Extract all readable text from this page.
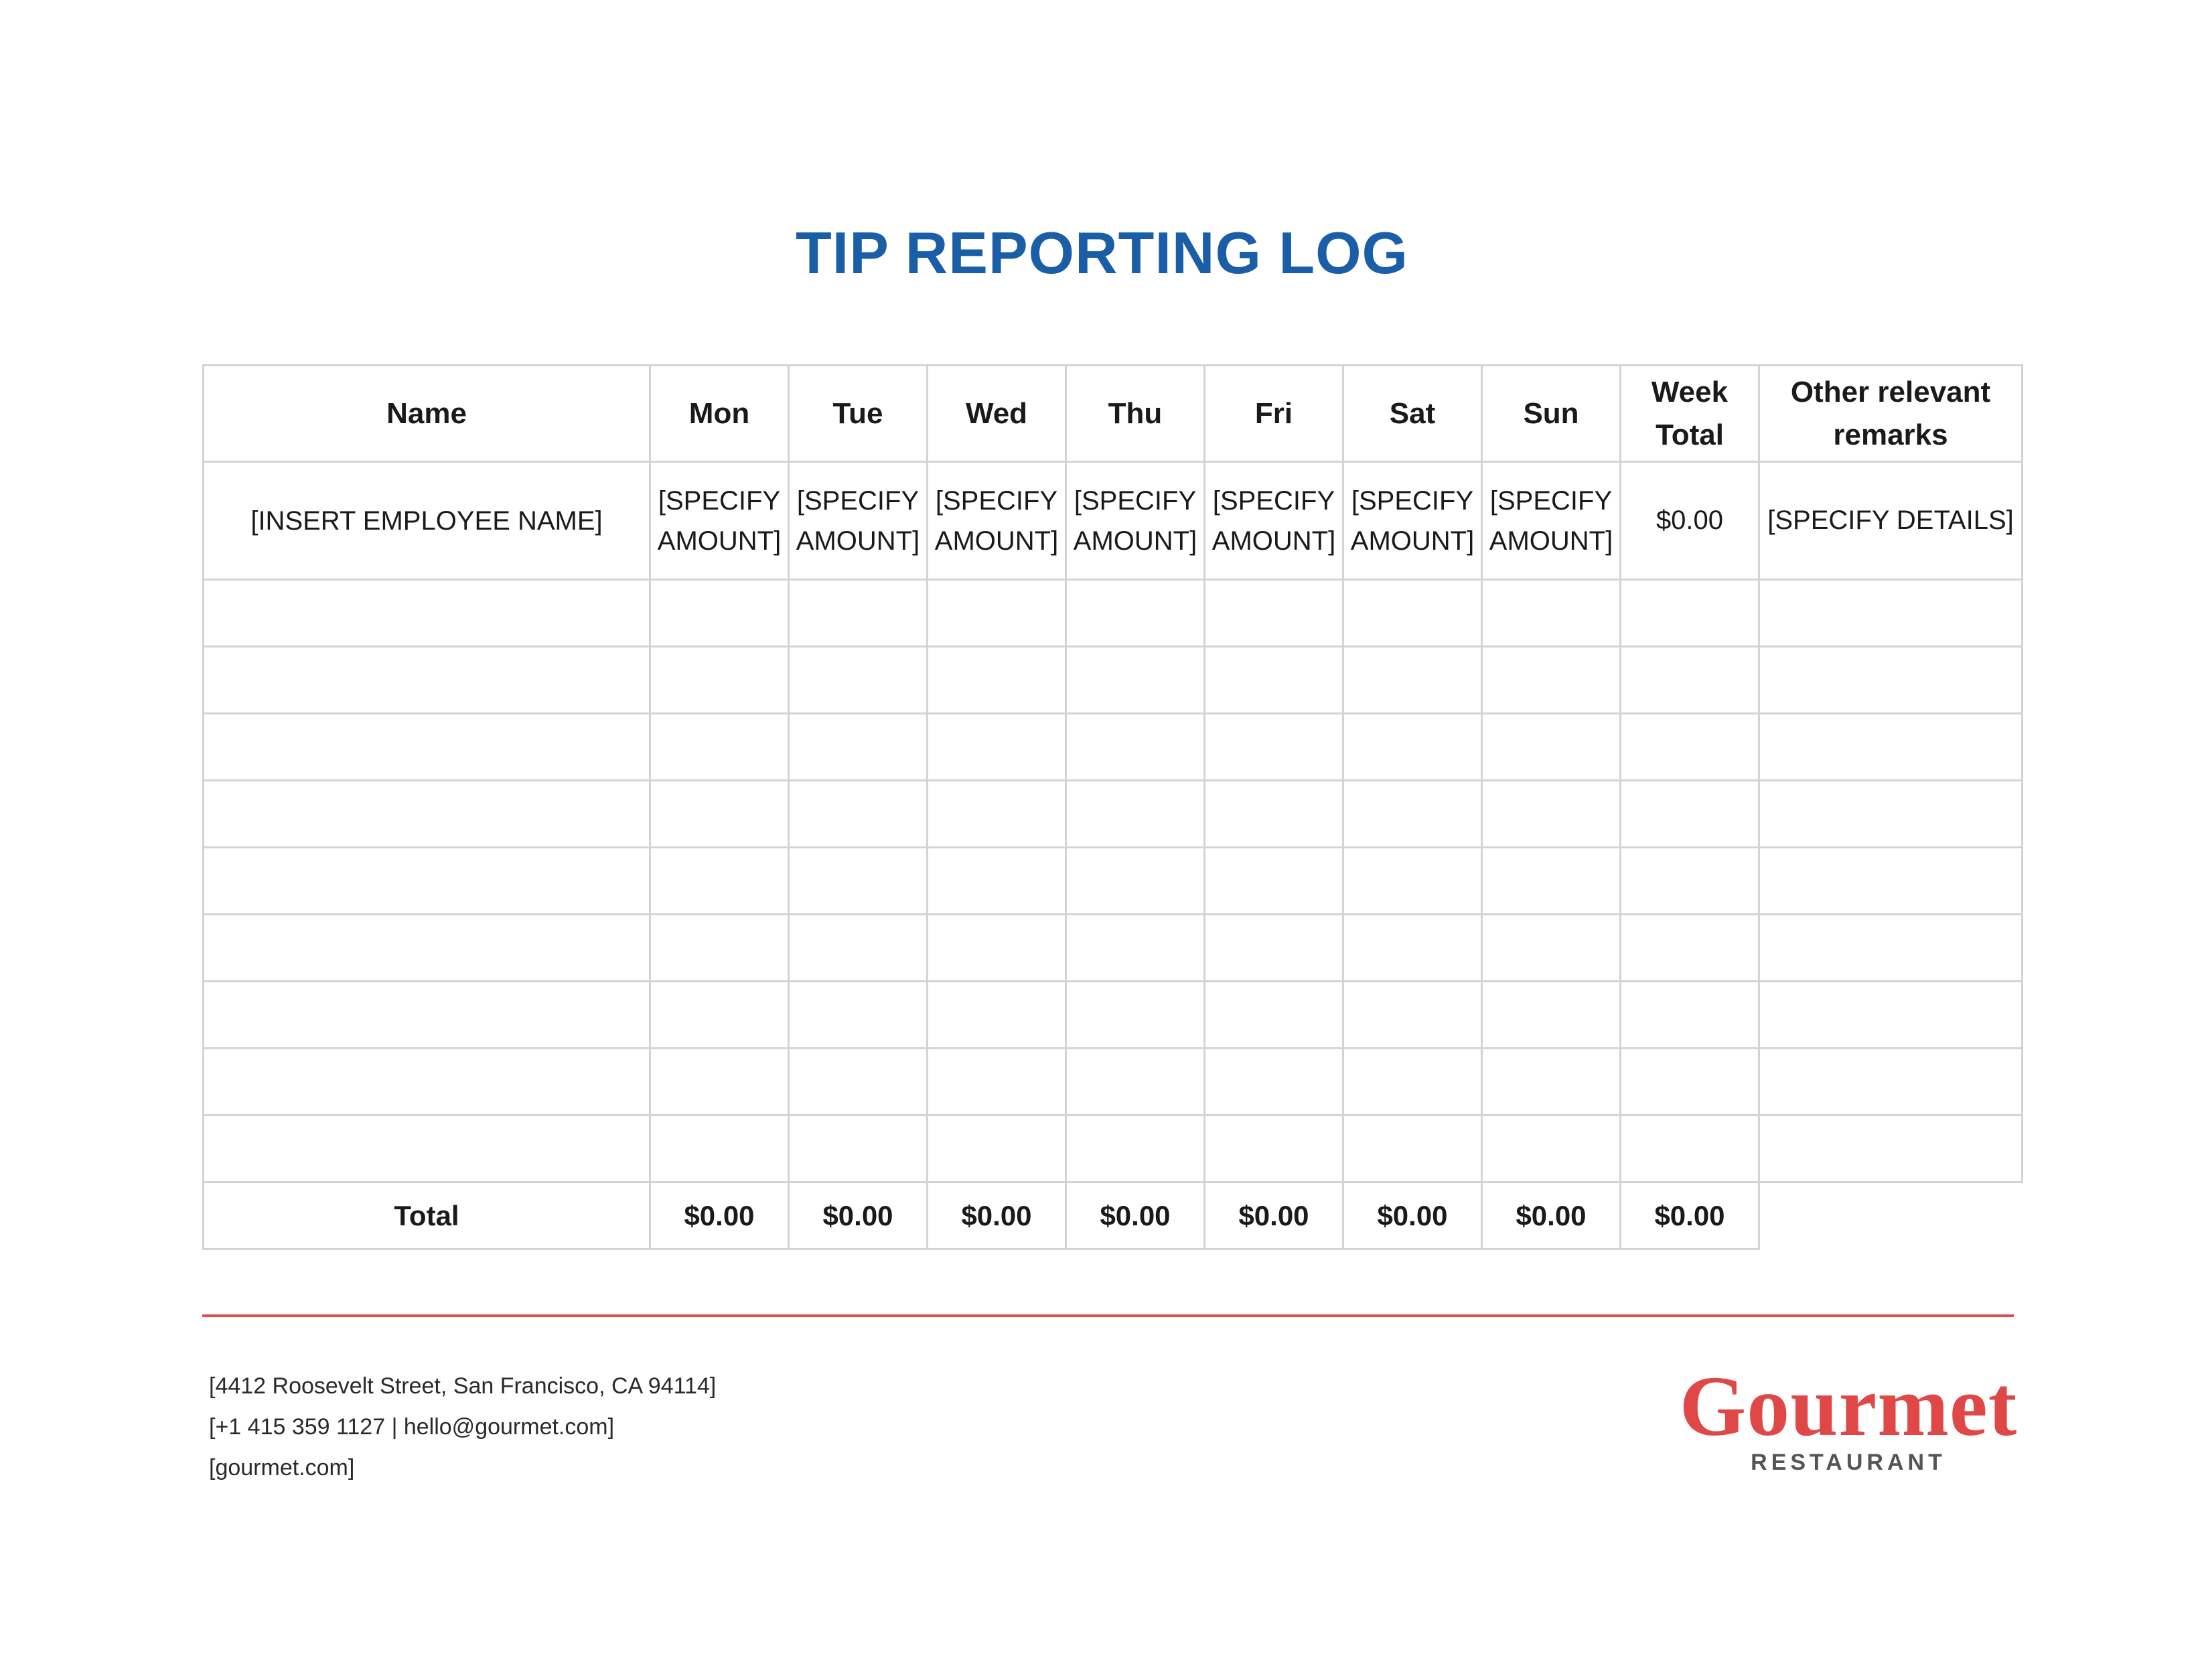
TIP REPORTING LOG
Name	Mon	Tue	Wed	Thu	Fri	Sat	Sun	Week Total	Other relevant remarks
[INSERT EMPLOYEE NAME]	[SPECIFY AMOUNT]	[SPECIFY AMOUNT]	[SPECIFY AMOUNT]	[SPECIFY AMOUNT]	[SPECIFY AMOUNT]	[SPECIFY AMOUNT]	[SPECIFY AMOUNT]	$0.00	[SPECIFY DETAILS]

Total	$0.00	$0.00	$0.00	$0.00	$0.00	$0.00	$0.00	$0.00	
[4412 Roosevelt Street, San Francisco, CA 94114]
[+1 415 359 1127 | hello@gourmet.com]
[gourmet.com]
Gourmet
RESTAURANT
